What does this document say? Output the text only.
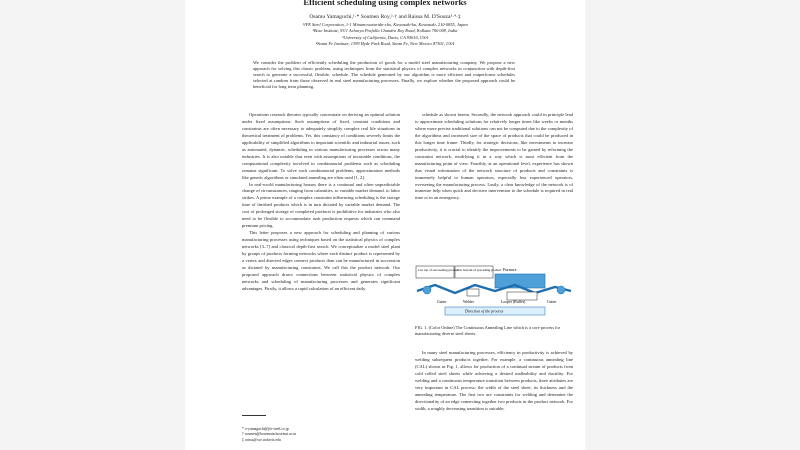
Efficient scheduling using complex networks
Osamu Yamaguchi,¹·* Soumen Roy,²·† and Raissa M. D'Souza³·⁴·‡
¹JFE Steel Corporation, 1-1 Minamowatarida-cho, Kawasaki-ku, Kawasaki, 210-0855, Japan
²Bose Institute, 93/1 Acharya Prafulla Chandra Roy Road, Kolkata 700 009, India
³University of California, Davis, CA 95616, USA
⁴Santa Fe Institute, 1399 Hyde Park Road, Santa Fe, New Mexico 87501, USA
We consider the problem of efficiently scheduling the production of goods for a model steel manufacturing company. We propose a new approach for solving this classic problem, using techniques from the statistical physics of complex networks in conjunction with depth-first search to generate a successful, flexible, schedule. The schedule generated by our algorithm is more efficient and outperforms schedules selected at random from those observed in real steel manufacturing processes. Finally, we explore whether the proposed approach could be beneficial for long term planning.

Operations research theories typically concentrate on deriving an optimal solution under fixed assumptions. Such assumptions of fixed, constant conditions and constraints are often necessary to adequately simplify complex real life situations in theoretical treatment of problems. Yet, this constancy of conditions severely limits the applicability of simplified algorithms to important scientific and industrial issues, such as automated, dynamic, scheduling in various manufacturing processes across many industries. It is also notable that even with assumptions of invariable conditions, the computational complexity involved in combinatorial problems such as scheduling remains significant. To solve such combinatorial problems, approximation methods like genetic algorithms or simulated annealing are often used [1, 2].

In real-world manufacturing houses there is a continual and often unpredictable change of circumstances, ranging from calamities, to variable market demand, to labor strikes. A prime example of a complex constraint influencing scheduling is the storage time of finished products which is in turn dictated by variable market demand. The cost of prolonged storage of completed products is prohibitive for industries who also need to be flexible to accommodate rush production requests which can command premium pricing.

This letter proposes a new approach for scheduling and planning of various manufacturing processes using techniques based on the statistical physics of complex networks [3–7] and classical depth-first search. We conceptualize a model steel plant by groups of products forming networks where each distinct product is represented by a vertex and directed edges connect products than can be manufactured in succession as dictated by manufacturing constraints. We call this the product network. Our proposed approach draws connections between statistical physics of complex networks and scheduling of manufacturing processes and generates significant advantages. Firstly, it allows a rapid calculation of an efficient daily

schedule as shown herein. Secondly, the network approach could in principle lead to approximate scheduling solutions for relatively longer times like weeks or months where more precise traditional solutions can not be computed due to the complexity of the algorithms and increased size of the space of products that could be produced in this longer time frame. Thirdly, for strategic decisions, like investments to increase productivity, it is crucial to identify the improvements to be gained by reforming the constraint network, modifying it in a way which is most efficient from the manufacturing point of view. Fourthly, at an operational level, experience has shown that visual information of the network structure of products and constraints is immensely helpful to human operators, especially less experienced operators, overseeing the manufacturing process. Lastly, a clear knowledge of the network is of immense help when quick and decisive intervention to the schedule is required in real time or in an emergency.

Cut top of succeeding product
Cut bottom of preceding product Furnace
Cutter	Welder	Looper (Buffer)	Cutter
Direction of the process
FIG. 1. (Color Online) The Continuous Annealing Line which is a core process for manufacturing diverse steel sheets.

In many steel manufacturing processes, efficiency in productivity is achieved by welding subsequent products together. For example, a continuous annealing line (CAL) shown in Fig. 1, allows for production of a continual stream of products from cold rolled steel sheets while achieving a desired malleability and ductility. For welding and a continuous temperature transition between products, three attributes are very important in CAL process: the width of the steel sheet, its thickness and the annealing temperature. The first two are constraints for welding and determine the directionality of an edge connecting together two products in the product network. For width, a roughly decreasing transition is suitable;

* o-yamaguchi@jfe-steel.co.jp
† soumen@bosemain.boseinst.ac.in
‡ raissa@cse.ucdavis.edu
